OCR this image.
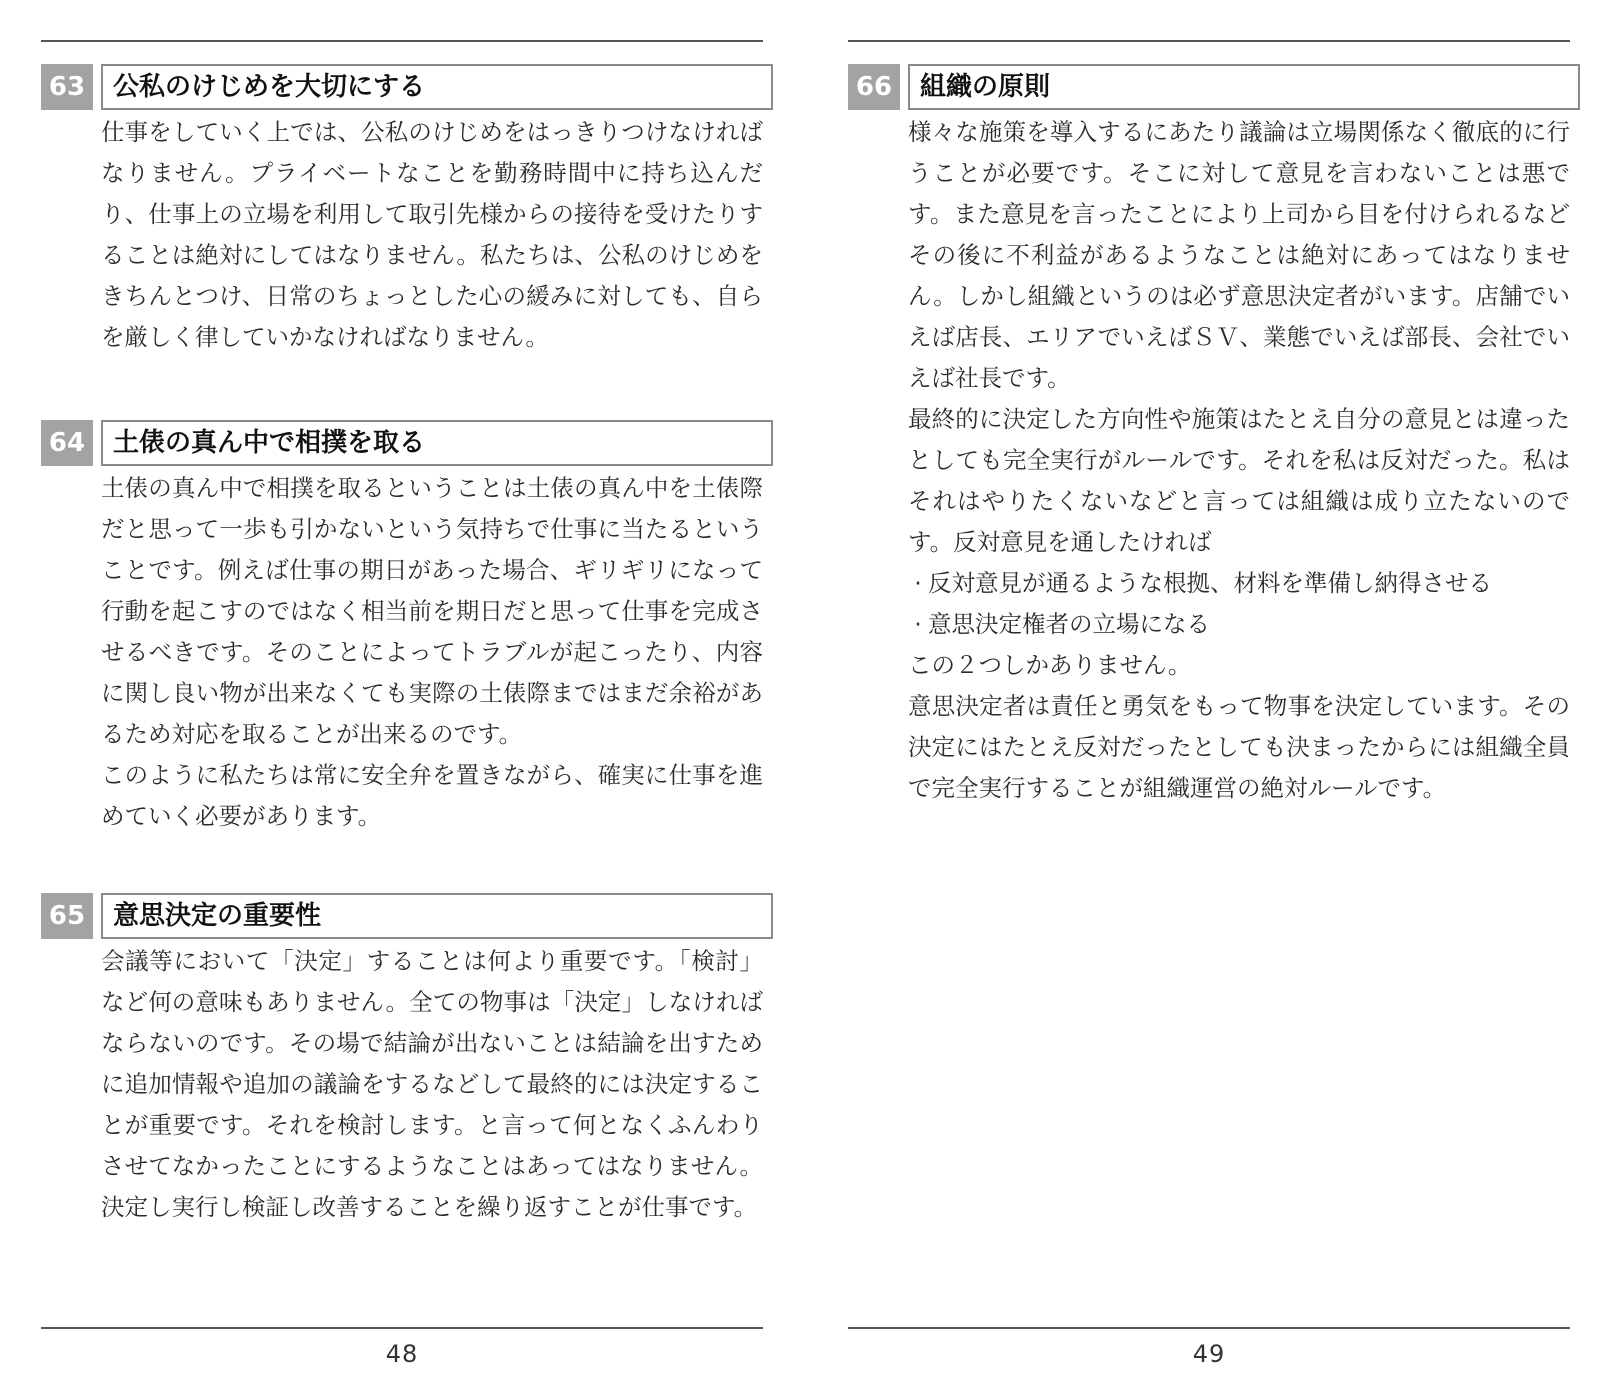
63	公私のけじめを大切にする

仕事をしていく上では、公私のけじめをはっきりつけなければなりません。プライベートなことを勤務時間中に持ち込んだり、仕事上の立場を利用して取引先様からの接待を受けたりすることは絶対にしてはなりません。私たちは、公私のけじめをきちんとつけ、日常のちょっとした心の緩みに対しても、自らを厳しく律していかなければなりません。

64	土俵の真ん中で相撲を取る

土俵の真ん中で相撲を取るということは土俵の真ん中を土俵際だと思って一歩も引かないという気持ちで仕事に当たるということです。例えば仕事の期日があった場合、ギリギリになって行動を起こすのではなく相当前を期日だと思って仕事を完成させるべきです。そのことによってトラブルが起こったり、内容に関し良い物が出来なくても実際の土俵際まではまだ余裕があるため対応を取ることが出来るのです。

このように私たちは常に安全弁を置きながら、確実に仕事を進めていく必要があります。

65	意思決定の重要性

会議等において「決定」することは何より重要です。「検討」など何の意味もありません。全ての物事は「決定」しなければならないのです。その場で結論が出ないことは結論を出すために追加情報や追加の議論をするなどして最終的には決定することが重要です。それを検討します。と言って何となくふんわりさせてなかったことにするようなことはあってはなりません。決定し実行し検証し改善することを繰り返すことが仕事です。

48
66	組織の原則

様々な施策を導入するにあたり議論は立場関係なく徹底的に行うことが必要です。そこに対して意見を言わないことは悪です。また意見を言ったことにより上司から目を付けられるなどその後に不利益があるようなことは絶対にあってはなりません。しかし組織というのは必ず意思決定者がいます。店舗でいえば店長、エリアでいえばＳＶ、業態でいえば部長、会社でいえば社長です。

最終的に決定した方向性や施策はたとえ自分の意見とは違ったとしても完全実行がルールです。それを私は反対だった。私はそれはやりたくないなどと言っては組織は成り立たないのです。反対意見を通したければ

· 反対意見が通るような根拠、材料を準備し納得させる

· 意思決定権者の立場になる

この２つしかありません。

意思決定者は責任と勇気をもって物事を決定しています。その決定にはたとえ反対だったとしても決まったからには組織全員で完全実行することが組織運営の絶対ルールです。

49
